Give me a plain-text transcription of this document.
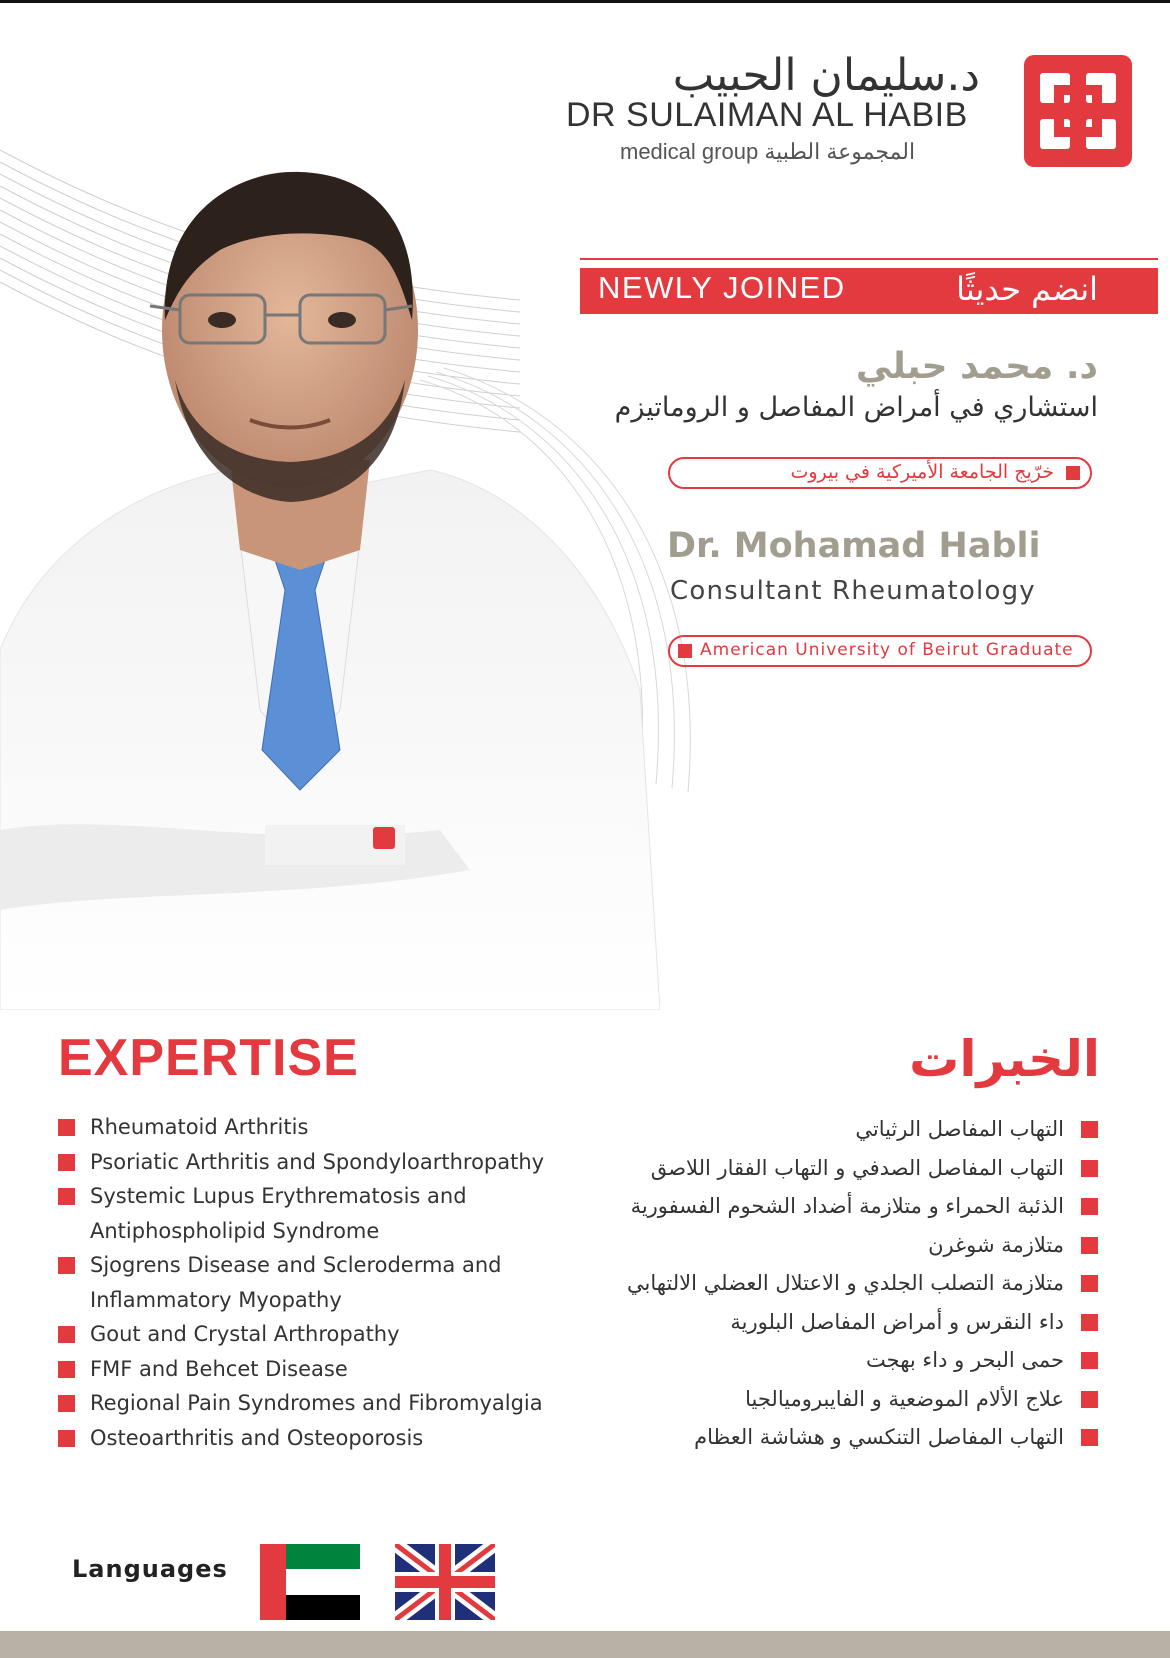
د.سليمان الحبيب
DR SULAIMAN AL HABIB
medical group المجموعة الطبية
NEWLY JOINED	انضم حديثًا
د. محمد حبلي
استشاري في أمراض المفاصل و الروماتيزم
خرّيج الجامعة الأميركية في بيروت
Dr. Mohamad Habli
Consultant Rheumatology
American University of Beirut Graduate
EXPERTISE	الخبرات
Rheumatoid Arthritis
Psoriatic Arthritis and Spondyloarthropathy
Systemic Lupus Erythrematosis and Antiphospholipid Syndrome
Sjogrens Disease and Scleroderma and Inflammatory Myopathy
Gout and Crystal Arthropathy
FMF and Behcet Disease
Regional Pain Syndromes and Fibromyalgia
Osteoarthritis and Osteoporosis
التهاب المفاصل الرثياتي
التهاب المفاصل الصدفي و التهاب الفقار اللاصق
الذئبة الحمراء و متلازمة أضداد الشحوم الفسفورية
متلازمة شوغرن
متلازمة التصلب الجلدي و الاعتلال العضلي الالتهابي
داء النقرس و أمراض المفاصل البلورية
حمى البحر و داء بهجت
علاج الألام الموضعية و الفايبروميالجيا
التهاب المفاصل التنكسي و هشاشة العظام
Languages
